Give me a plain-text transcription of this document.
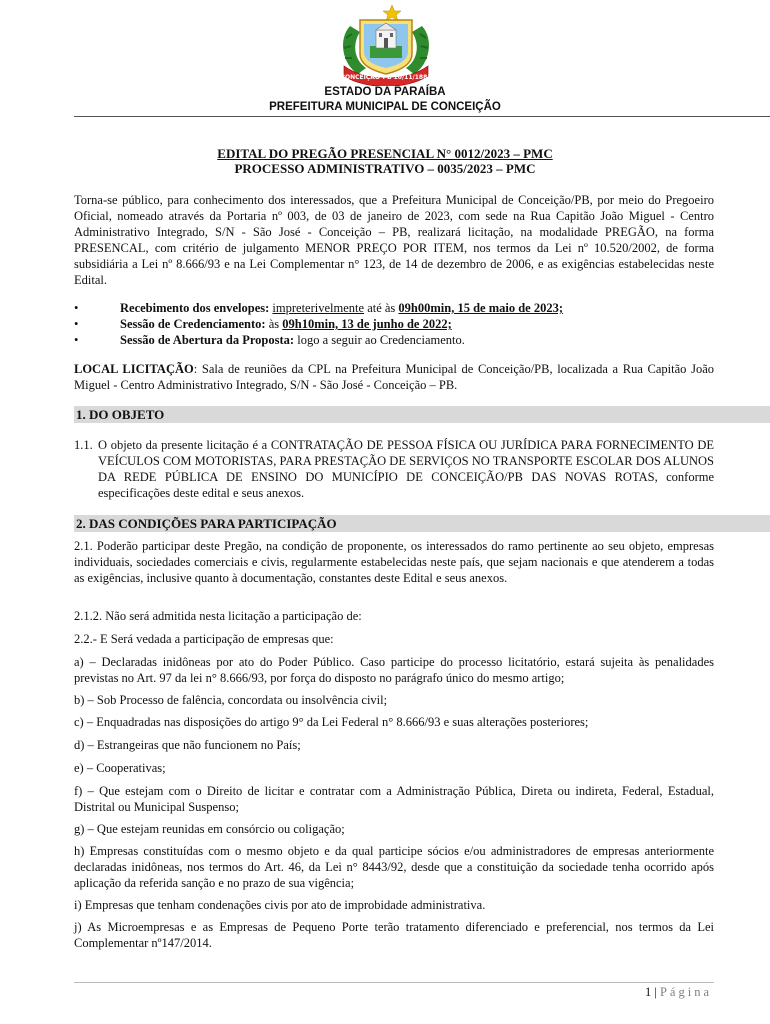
CONCEIÇÃO-PB 10/11/1881
ESTADO DA PARAÍBA
PREFEITURA MUNICIPAL DE CONCEIÇÃO
EDITAL DO PREGÃO PRESENCIAL N° 0012/2023 – PMC
PROCESSO ADMINISTRATIVO – 0035/2023 – PMC
Torna-se público, para conhecimento dos interessados, que a Prefeitura Municipal de Conceição/PB, por meio do Pregoeiro Oficial, nomeado através da Portaria nº 003, de 03 de janeiro de 2023, com sede na Rua Capitão João Miguel - Centro Administrativo Integrado, S/N - São José - Conceição – PB, realizará licitação, na modalidade PREGÃO, na forma PRESENCAL, com critério de julgamento MENOR PREÇO POR ITEM, nos termos da Lei nº 10.520/2002, de forma subsidiária a Lei nº 8.666/93 e na Lei Complementar n° 123, de 14 de dezembro de 2006, e as exigências estabelecidas neste Edital.
•	Recebimento dos envelopes: impreterivelmente até às 09h00min, 15 de maio de 2023;
•	Sessão de Credenciamento: às 09h10min, 13 de junho de 2022;
•	Sessão de Abertura da Proposta: logo a seguir ao Credenciamento.
LOCAL LICITAÇÃO: Sala de reuniões da CPL na Prefeitura Municipal de Conceição/PB, localizada a Rua Capitão João Miguel - Centro Administrativo Integrado, S/N - São José - Conceição – PB.
1. DO OBJETO
1.1. O objeto da presente licitação é a CONTRATAÇÃO DE PESSOA FÍSICA OU JURÍDICA PARA FORNECIMENTO DE VEÍCULOS COM MOTORISTAS, PARA PRESTAÇÃO DE SERVIÇOS NO TRANSPORTE ESCOLAR DOS ALUNOS DA REDE PÚBLICA DE ENSINO DO MUNICÍPIO DE CONCEIÇÃO/PB DAS NOVAS ROTAS, conforme especificações deste edital e seus anexos.
2. DAS CONDIÇÕES PARA PARTICIPAÇÃO
2.1. Poderão participar deste Pregão, na condição de proponente, os interessados do ramo pertinente ao seu objeto, empresas individuais, sociedades comerciais e civis, regularmente estabelecidas neste país, que sejam nacionais e que atenderem a todas as exigências, inclusive quanto à documentação, constantes deste Edital e seus anexos.
2.1.2. Não será admitida nesta licitação a participação de:
2.2.- E Será vedada a participação de empresas que:
a) – Declaradas inidôneas por ato do Poder Público. Caso participe do processo licitatório, estará sujeita às penalidades previstas no Art. 97 da lei n° 8.666/93, por força do disposto no parágrafo único do mesmo artigo;
b) – Sob Processo de falência, concordata ou insolvência civil;
c) – Enquadradas nas disposições do artigo 9° da Lei Federal n° 8.666/93 e suas alterações posteriores;
d) – Estrangeiras que não funcionem no País;
e) – Cooperativas;
f) – Que estejam com o Direito de licitar e contratar com a Administração Pública, Direta ou indireta, Federal, Estadual, Distrital ou Municipal Suspenso;
g) – Que estejam reunidas em consórcio ou coligação;
h) Empresas constituídas com o mesmo objeto e da qual participe sócios e/ou administradores de empresas anteriormente declaradas inidôneas, nos termos do Art. 46, da Lei n° 8443/92, desde que a constituição da sociedade tenha ocorrido após aplicação da referida sanção e no prazo de sua vigência;
i) Empresas que tenham condenações civis por ato de improbidade administrativa.
j) As Microempresas e as Empresas de Pequeno Porte terão tratamento diferenciado e preferencial, nos termos da Lei Complementar nº147/2014.
1 | Página
